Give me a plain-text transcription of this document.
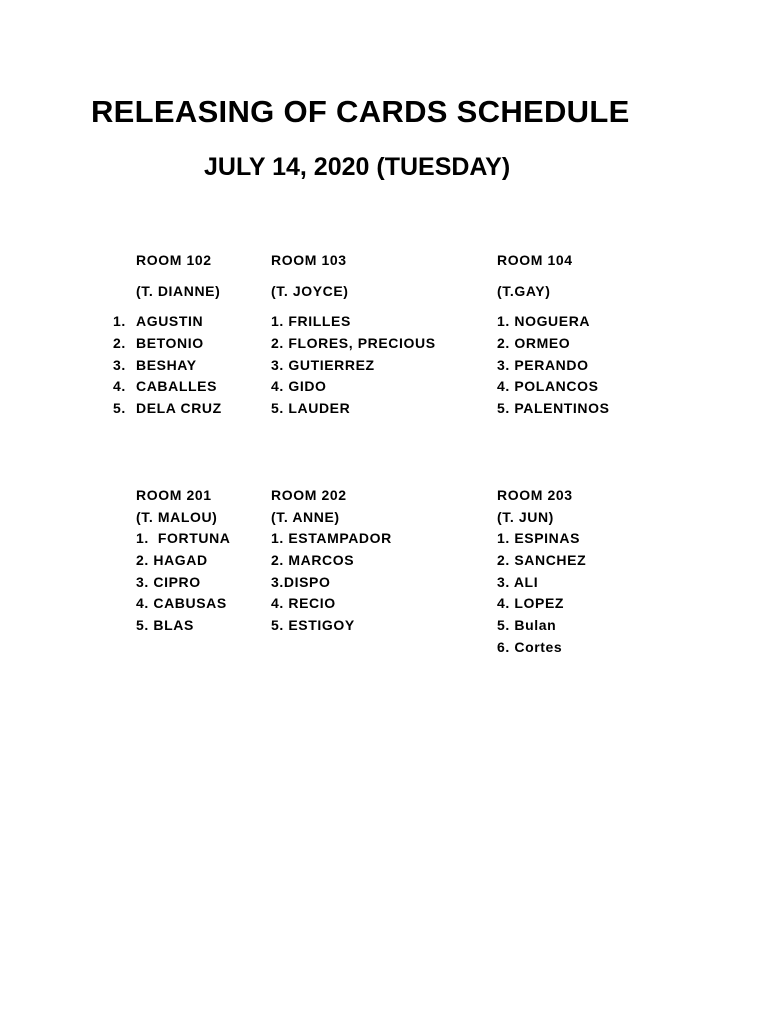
RELEASING OF CARDS SCHEDULE
JULY 14, 2020 (TUESDAY)
ROOM 102
(T. DIANNE)
1. AGUSTIN
2. BETONIO
3. BESHAY
4. CABALLES
5. DELA CRUZ
ROOM 103
(T. JOYCE)
1. FRILLES
2. FLORES, PRECIOUS
3. GUTIERREZ
4. GIDO
5. LAUDER
ROOM 104
(T.GAY)
1. NOGUERA
2. ORMEO
3. PERANDO
4. POLANCOS
5. PALENTINOS
ROOM 201
(T. MALOU)
1.  FORTUNA
2. HAGAD
3. CIPRO
4. CABUSAS
5. BLAS
ROOM 202
(T. ANNE)
1. ESTAMPADOR
2. MARCOS
3.DISPO
4. RECIO
5. ESTIGOY
ROOM 203
(T. JUN)
1. ESPINAS
2. SANCHEZ
3. ALI
4. LOPEZ
5. Bulan
6. Cortes
